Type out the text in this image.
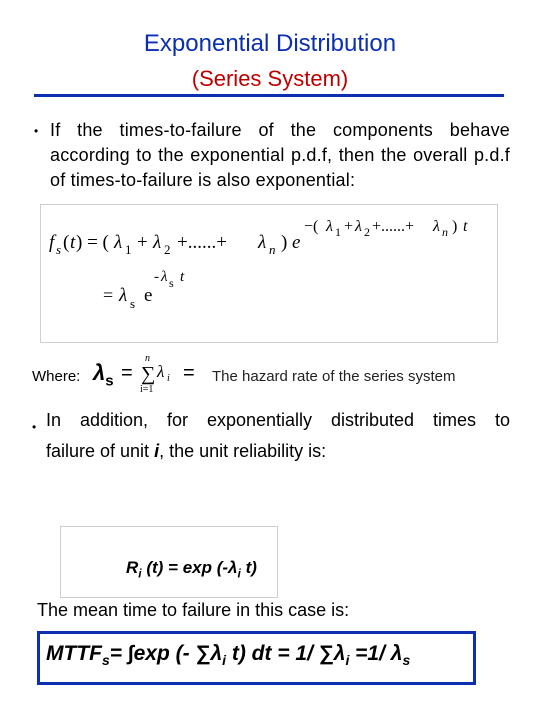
Exponential Distribution
(Series System)
• If the times-to-failure of the components behave according to the exponential p.d.f, then the overall p.d.f of times-to-failure is also exponential:
f s ( t ) = ( λ 1 + λ 2 +......+ λ n ) e
−( λ 1 + λ 2 +......+ λ n ) t
= λ s e
- λ s t
Where: $\lambda_s$ =
n
∑ λ i
i=1
= The hazard rate of the series system
• In addition, for exponentially distributed times to
failure of unit i, the unit reliability is:
$R_i$ $(t) = \exp (-\lambda_i$ t)
The mean time to failure in this case is:
$MTTF_s= \int\exp$ (- $\sum\lambda_i$ t) dt = 1/ $\sum\lambda_i =1/$ $\lambda_s$
